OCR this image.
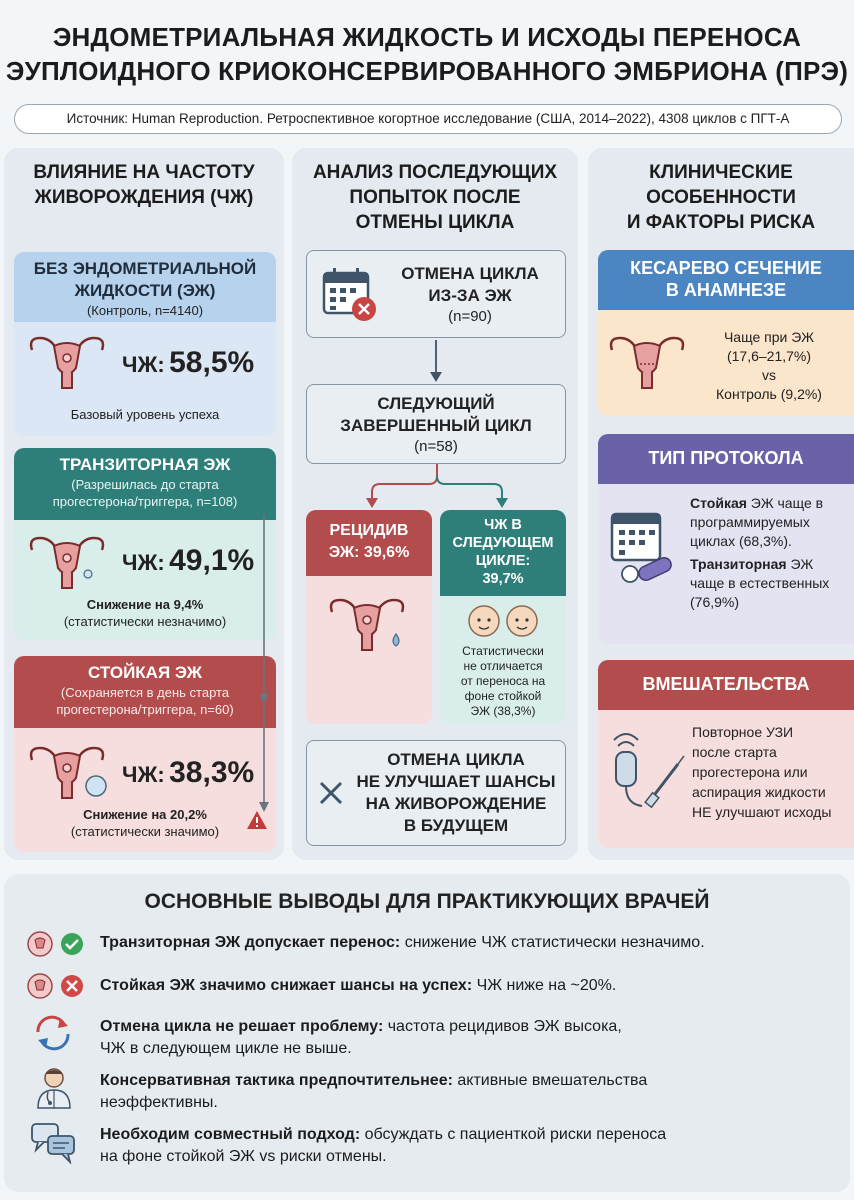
ЭНДОМЕТРИАЛЬНАЯ ЖИДКОСТЬ И ИСХОДЫ ПЕРЕНОСА
ЭУПЛОИДНОГО КРИОКОНСЕРВИРОВАННОГО ЭМБРИОНА (ПРЭ)
Источник: Human Reproduction. Ретроспективное когортное исследование (США, 2014–2022), 4308 циклов с ПГТ-А
ВЛИЯНИЕ НА ЧАСТОТУ
ЖИВОРОЖДЕНИЯ (ЧЖ)
БЕЗ ЭНДОМЕТРИАЛЬНОЙ
ЖИДКОСТИ (ЭЖ)
(Контроль, n=4140)
ЧЖ: 58,5%
Базовый уровень успеха
ТРАНЗИТОРНАЯ ЭЖ
(Разрешилась до старта
прогестерона/триггера, n=108)
ЧЖ: 49,1%
Снижение на 9,4%
(статистически незначимо)
СТОЙКАЯ ЭЖ
(Сохраняется в день старта
прогестерона/триггера, n=60)
ЧЖ: 38,3%
Снижение на 20,2%
(статистически значимо)
АНАЛИЗ ПОСЛЕДУЮЩИХ
ПОПЫТОК ПОСЛЕ
ОТМЕНЫ ЦИКЛА
ОТМЕНА ЦИКЛА
ИЗ-ЗА ЭЖ
(n=90)
СЛЕДУЮЩИЙ
ЗАВЕРШЕННЫЙ ЦИКЛ
(n=58)
РЕЦИДИВ
ЭЖ: 39,6%
ЧЖ В
СЛЕДУЮЩЕМ
ЦИКЛЕ:
39,7%
Статистически
не отличается
от переноса на
фоне стойкой
ЭЖ (38,3%)
ОТМЕНА ЦИКЛА
НЕ УЛУЧШАЕТ ШАНСЫ
НА ЖИВОРОЖДЕНИЕ
В БУДУЩЕМ
КЛИНИЧЕСКИЕ
ОСОБЕННОСТИ
И ФАКТОРЫ РИСКА
КЕСАРЕВО СЕЧЕНИЕ
В АНАМНЕЗЕ
Чаще при ЭЖ
(17,6–21,7%)
vs
Контроль (9,2%)
ТИП ПРОТОКОЛА
Стойкая ЭЖ чаще в
программируемых
циклах (68,3%).
Транзиторная ЭЖ
чаще в естественных
(76,9%)
ВМЕШАТЕЛЬСТВА
Повторное УЗИ
после старта
прогестерона или
аспирация жидкости
НЕ улучшают исходы
ОСНОВНЫЕ ВЫВОДЫ ДЛЯ ПРАКТИКУЮЩИХ ВРАЧЕЙ
Транзиторная ЭЖ допускает перенос: снижение ЧЖ статистически незначимо.
Стойкая ЭЖ значимо снижает шансы на успех: ЧЖ ниже на ~20%.
Отмена цикла не решает проблему: частота рецидивов ЭЖ высока,
ЧЖ в следующем цикле не выше.
Консервативная тактика предпочтительнее: активные вмешательства
неэффективны.
Необходим совместный подход: обсуждать с пациенткой риски переноса
на фоне стойкой ЭЖ vs риски отмены.
